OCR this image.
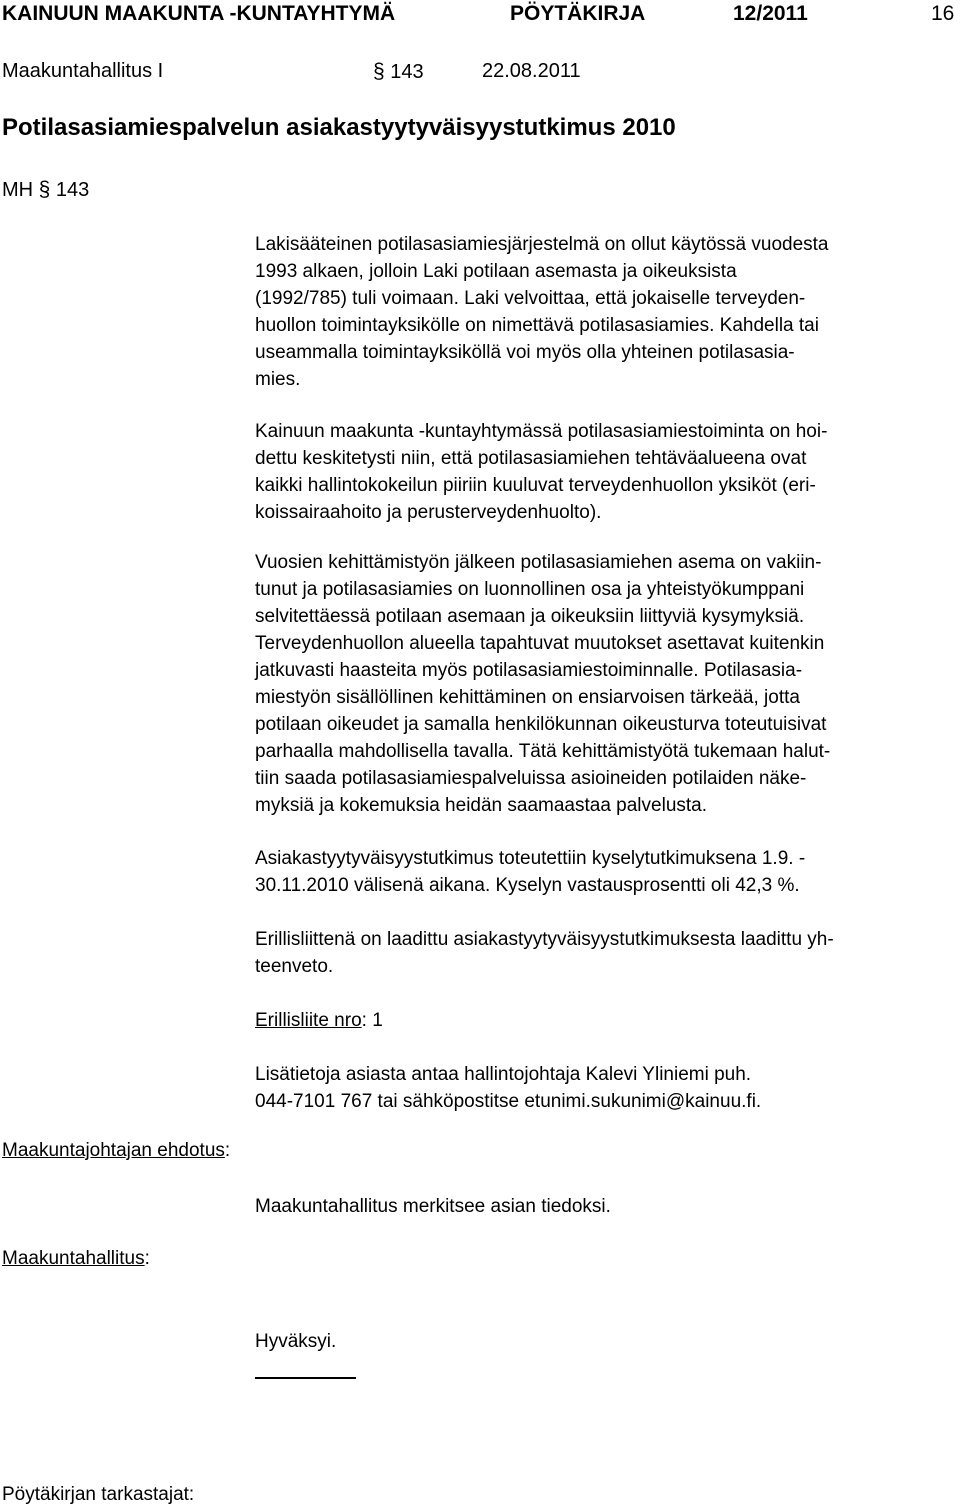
KAINUUN MAAKUNTA -KUNTAYHTYMÄ	PÖYTÄKIRJA	12/2011	16
Maakuntahallitus I	§ 143	22.08.2011
Potilasasiamiespalvelun asiakastyytyväisyystutkimus 2010
MH § 143
Lakisääteinen potilasasiamiesjärjestelmä on ollut käytössä vuodesta
1993 alkaen, jolloin Laki potilaan asemasta ja oikeuksista
(1992/785) tuli voimaan. Laki velvoittaa, että jokaiselle terveyden-
huollon toimintayksikölle on nimettävä potilasasiamies. Kahdella tai
useammalla toimintayksiköllä voi myös olla yhteinen potilasasia-
mies.
Kainuun maakunta -kuntayhtymässä potilasasiamiestoiminta on hoi-
dettu keskitetysti niin, että potilasasiamiehen tehtäväalueena ovat
kaikki hallintokokeilun piiriin kuuluvat terveydenhuollon yksiköt (eri-
koissairaahoito ja perusterveydenhuolto).
Vuosien kehittämistyön jälkeen potilasasiamiehen asema on vakiin-
tunut ja potilasasiamies on luonnollinen osa ja yhteistyökumppani
selvitettäessä potilaan asemaan ja oikeuksiin liittyviä kysymyksiä.
Terveydenhuollon alueella tapahtuvat muutokset asettavat kuitenkin
jatkuvasti haasteita myös potilasasiamiestoiminnalle. Potilasasia-
miestyön sisällöllinen kehittäminen on ensiarvoisen tärkeää, jotta
potilaan oikeudet ja samalla henkilökunnan oikeusturva toteutuisivat
parhaalla mahdollisella tavalla. Tätä kehittämistyötä tukemaan halut-
tiin saada potilasasiamiespalveluissa asioineiden potilaiden näke-
myksiä ja kokemuksia heidän saamaastaa palvelusta.
Asiakastyytyväisyystutkimus toteutettiin kyselytutkimuksena 1.9. -
30.11.2010 välisenä aikana. Kyselyn vastausprosentti oli 42,3 %.
Erillisliittenä on laadittu asiakastyytyväisyystutkimuksesta laadittu yh-
teenveto.
Erillisliite nro: 1
Lisätietoja asiasta antaa hallintojohtaja Kalevi Yliniemi puh.
044-7101 767 tai sähköpostitse etunimi.sukunimi@kainuu.fi.
Maakuntajohtajan ehdotus:
Maakuntahallitus merkitsee asian tiedoksi.
Maakuntahallitus:
Hyväksyi.
Pöytäkirjan tarkastajat:
